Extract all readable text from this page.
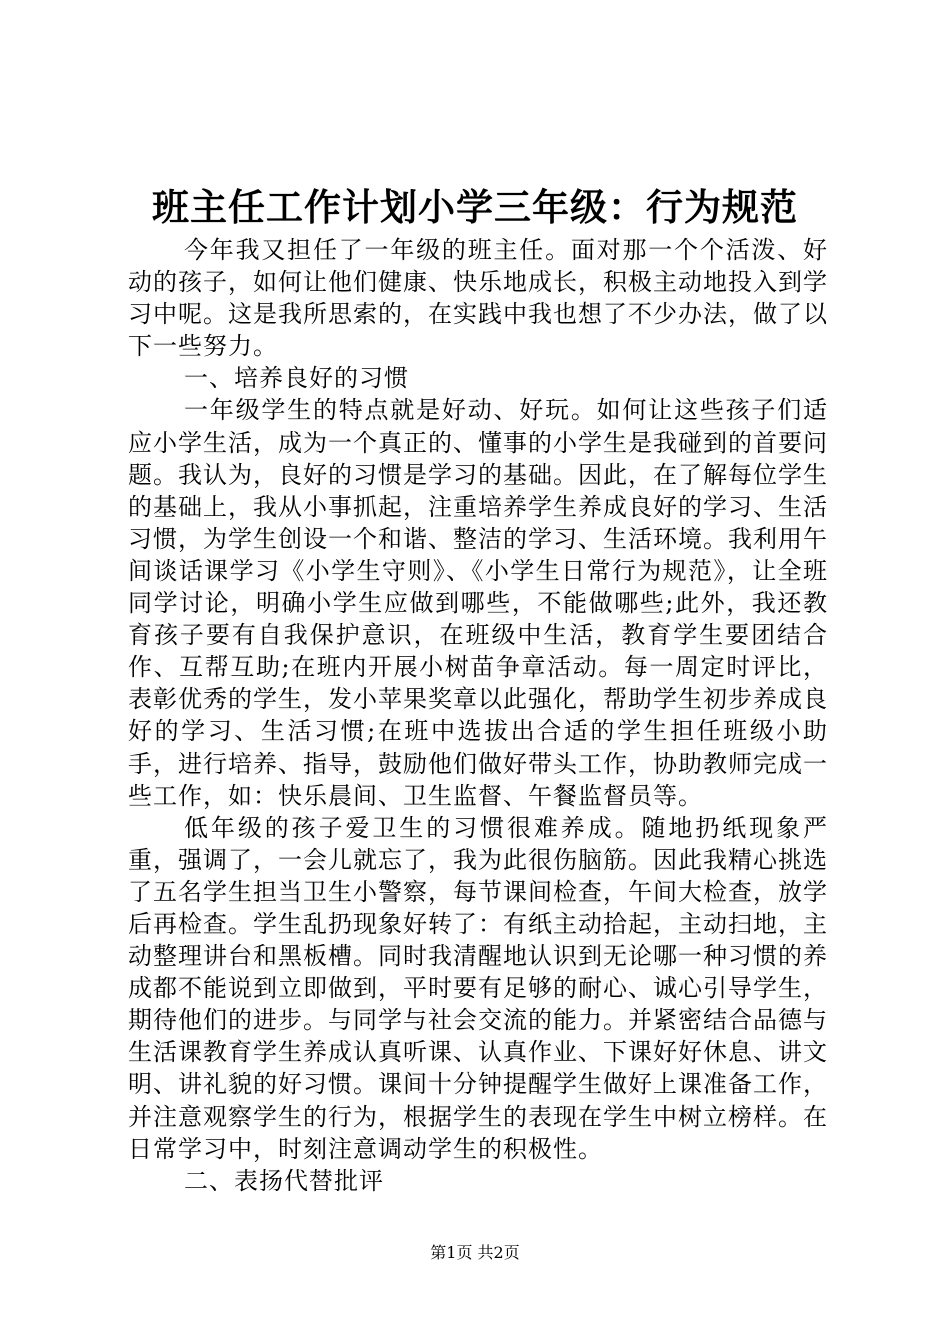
班主任工作计划小学三年级：行为规范

今年我又担任了一年级的班主任。面对那一个个活泼、好动的孩子，如何让他们健康、快乐地成长，积极主动地投入到学习中呢。这是我所思索的，在实践中我也想了不少办法，做了以下一些努力。

一、培养良好的习惯

一年级学生的特点就是好动、好玩。如何让这些孩子们适应小学生活，成为一个真正的、懂事的小学生是我碰到的首要问题。我认为，良好的习惯是学习的基础。因此，在了解每位学生的基础上，我从小事抓起，注重培养学生养成良好的学习、生活习惯，为学生创设一个和谐、整洁的学习、生活环境。我利用午间谈话课学习《小学生守则》、《小学生日常行为规范》，让全班同学讨论，明确小学生应做到哪些，不能做哪些;此外，我还教育孩子要有自我保护意识，在班级中生活，教育学生要团结合作、互帮互助;在班内开展小树苗争章活动。每一周定时评比，表彰优秀的学生，发小苹果奖章以此强化，帮助学生初步养成良好的学习、生活习惯;在班中选拔出合适的学生担任班级小助手，进行培养、指导，鼓励他们做好带头工作，协助教师完成一些工作，如：快乐晨间、卫生监督、午餐监督员等。

低年级的孩子爱卫生的习惯很难养成。随地扔纸现象严重，强调了，一会儿就忘了，我为此很伤脑筋。因此我精心挑选了五名学生担当卫生小警察，每节课间检查，午间大检查，放学后再检查。学生乱扔现象好转了：有纸主动拾起，主动扫地，主动整理讲台和黑板槽。同时我清醒地认识到无论哪一种习惯的养成都不能说到立即做到，平时要有足够的耐心、诚心引导学生，期待他们的进步。与同学与社会交流的能力。并紧密结合品德与生活课教育学生养成认真听课、认真作业、下课好好休息、讲文明、讲礼貌的好习惯。课间十分钟提醒学生做好上课准备工作，并注意观察学生的行为，根据学生的表现在学生中树立榜样。在日常学习中，时刻注意调动学生的积极性。

二、表扬代替批评

第1页 共2页
